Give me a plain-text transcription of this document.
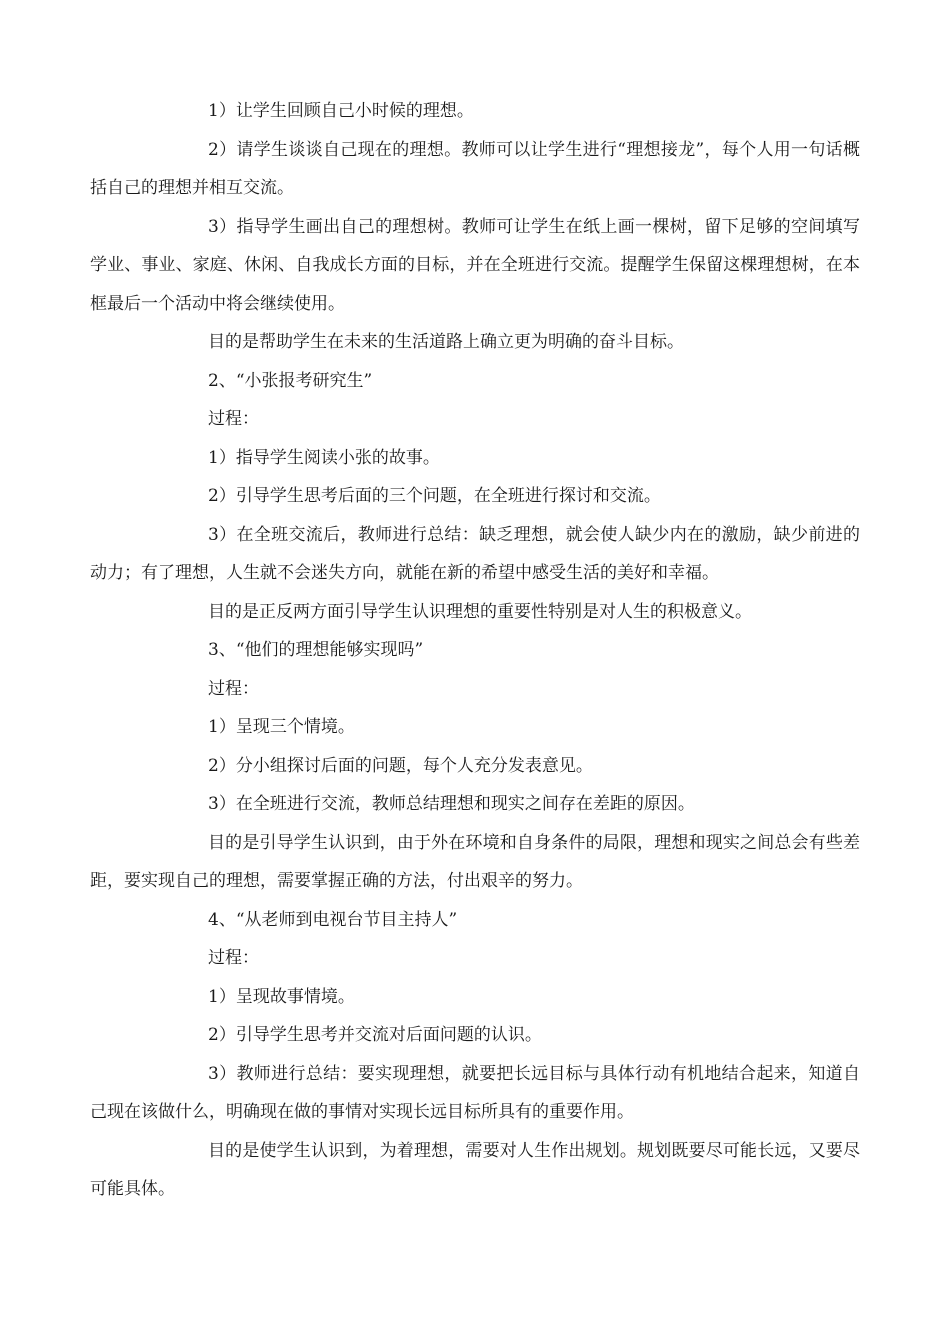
1）让学生回顾自己小时候的理想。

2）请学生谈谈自己现在的理想。教师可以让学生进行“理想接龙”，每个人用一句话概括自己的理想并相互交流。

3）指导学生画出自己的理想树。教师可让学生在纸上画一棵树，留下足够的空间填写学业、事业、家庭、休闲、自我成长方面的目标，并在全班进行交流。提醒学生保留这棵理想树，在本框最后一个活动中将会继续使用。

目的是帮助学生在未来的生活道路上确立更为明确的奋斗目标。

2、“小张报考研究生”

过程：

1）指导学生阅读小张的故事。

2）引导学生思考后面的三个问题，在全班进行探讨和交流。

3）在全班交流后，教师进行总结：缺乏理想，就会使人缺少内在的激励，缺少前进的动力；有了理想，人生就不会迷失方向，就能在新的希望中感受生活的美好和幸福。

目的是正反两方面引导学生认识理想的重要性特别是对人生的积极意义。

3、“他们的理想能够实现吗”

过程：

1）呈现三个情境。

2）分小组探讨后面的问题，每个人充分发表意见。

3）在全班进行交流，教师总结理想和现实之间存在差距的原因。

目的是引导学生认识到，由于外在环境和自身条件的局限，理想和现实之间总会有些差距，要实现自己的理想，需要掌握正确的方法，付出艰辛的努力。

4、“从老师到电视台节目主持人”

过程：

1）呈现故事情境。

2）引导学生思考并交流对后面问题的认识。

3）教师进行总结：要实现理想，就要把长远目标与具体行动有机地结合起来，知道自己现在该做什么，明确现在做的事情对实现长远目标所具有的重要作用。

目的是使学生认识到，为着理想，需要对人生作出规划。规划既要尽可能长远，又要尽可能具体。
